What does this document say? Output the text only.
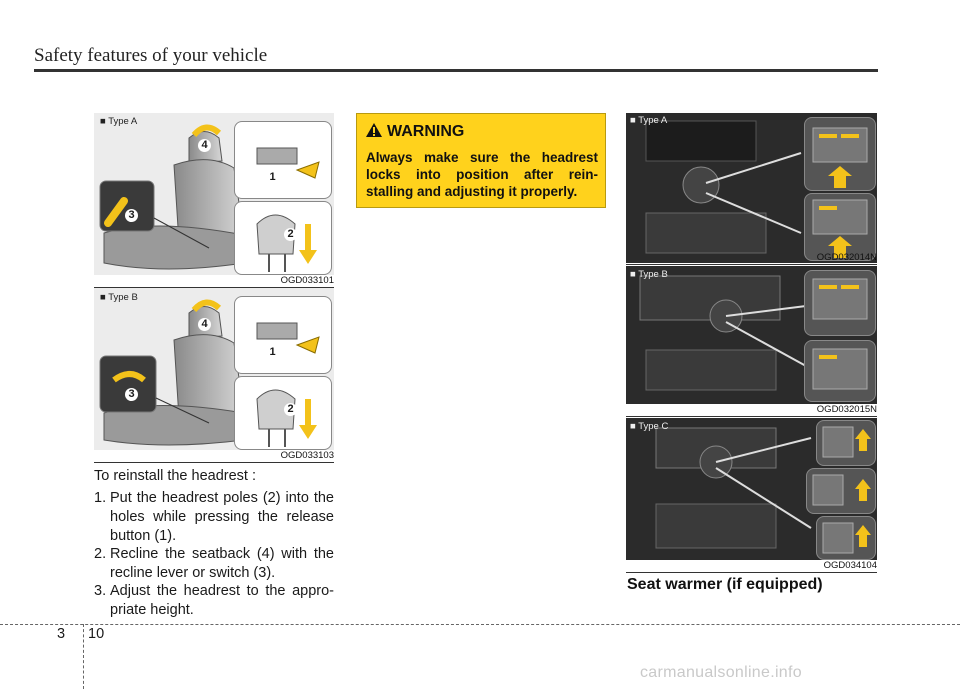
Safety features of your vehicle
4
3
1
2
■ Type A
OGD033101
4
3
1
2
■ Type B
OGD033103
To reinstall the headrest :
1. Put the headrest poles (2) into the holes while pressing the release button (1).
2. Recline the seatback (4) with the recline lever or switch (3).
3. Adjust the headrest to the appro- priate height.
WARNING
Always make sure the headrest locks into position after rein- stalling and adjusting it properly.
■ Type A
OGD032014N
■ Type B
OGD032015N
■ Type C
OGD034104
Seat warmer (if equipped)
3 10
carmanualsonline.info
